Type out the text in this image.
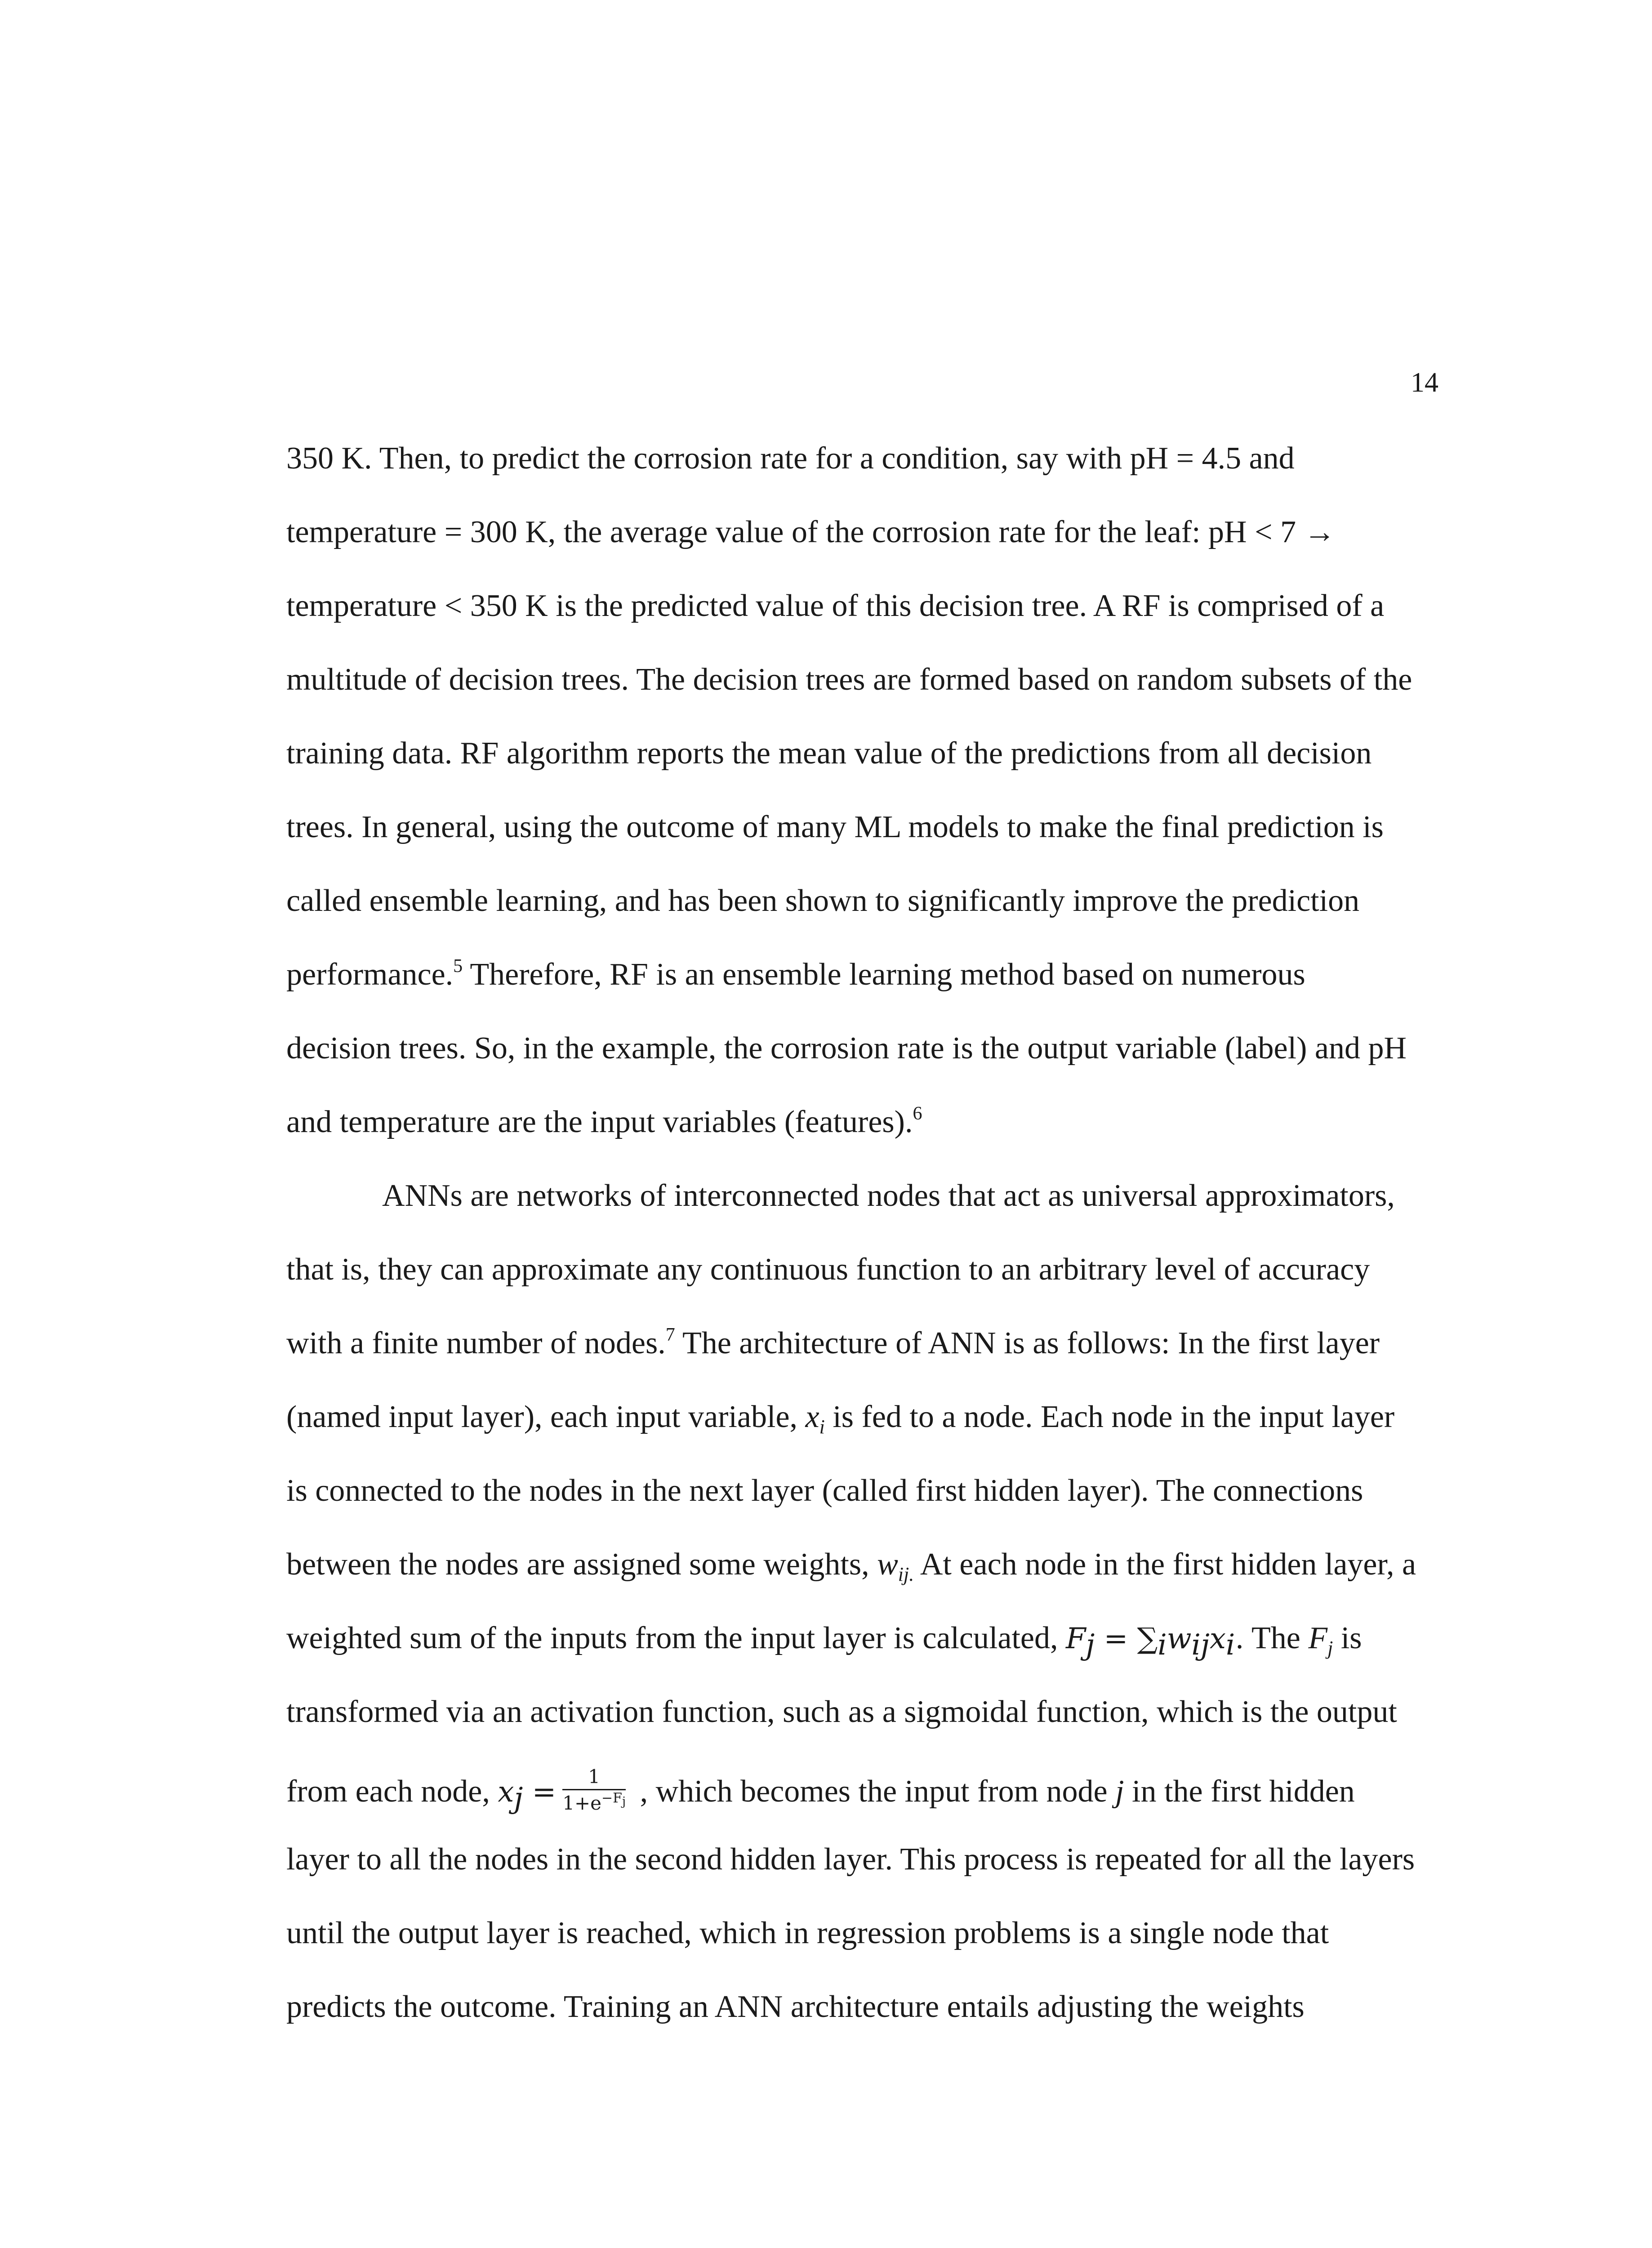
14
350 K. Then, to predict the corrosion rate for a condition, say with pH = 4.5 and
temperature = 300 K, the average value of the corrosion rate for the leaf: pH < 7 →
temperature < 350 K is the predicted value of this decision tree. A RF is comprised of a
multitude of decision trees. The decision trees are formed based on random subsets of the
training data. RF algorithm reports the mean value of the predictions from all decision
trees. In general, using the outcome of many ML models to make the final prediction is
called ensemble learning, and has been shown to significantly improve the prediction
performance.$^5$ Therefore, RF is an ensemble learning method based on numerous
decision trees. So, in the example, the corrosion rate is the output variable (label) and pH
and temperature are the input variables (features).$^6$
ANNs are networks of interconnected nodes that act as universal approximators,
that is, they can approximate any continuous function to an arbitrary level of accuracy
with a finite number of nodes.$^7$ The architecture of ANN is as follows: In the first layer
(named input layer), each input variable, $x_i$ is fed to a node. Each node in the input layer
is connected to the nodes in the next layer (called first hidden layer). The connections
between the nodes are assigned some weights, $w_{ij.}$ At each node in the first hidden layer, a
weighted sum of the inputs from the input layer is calculated, $F_j = \sum_iw_{ij}x_i$. The $F_j$ is
transformed via an activation function, such as a sigmoidal function, which is the output
from each node, $x_j = \frac{1}{1+e^{-F_j}}$ , which becomes the input from node j in the first hidden
layer to all the nodes in the second hidden layer. This process is repeated for all the layers
until the output layer is reached, which in regression problems is a single node that
predicts the outcome. Training an ANN architecture entails adjusting the weights
